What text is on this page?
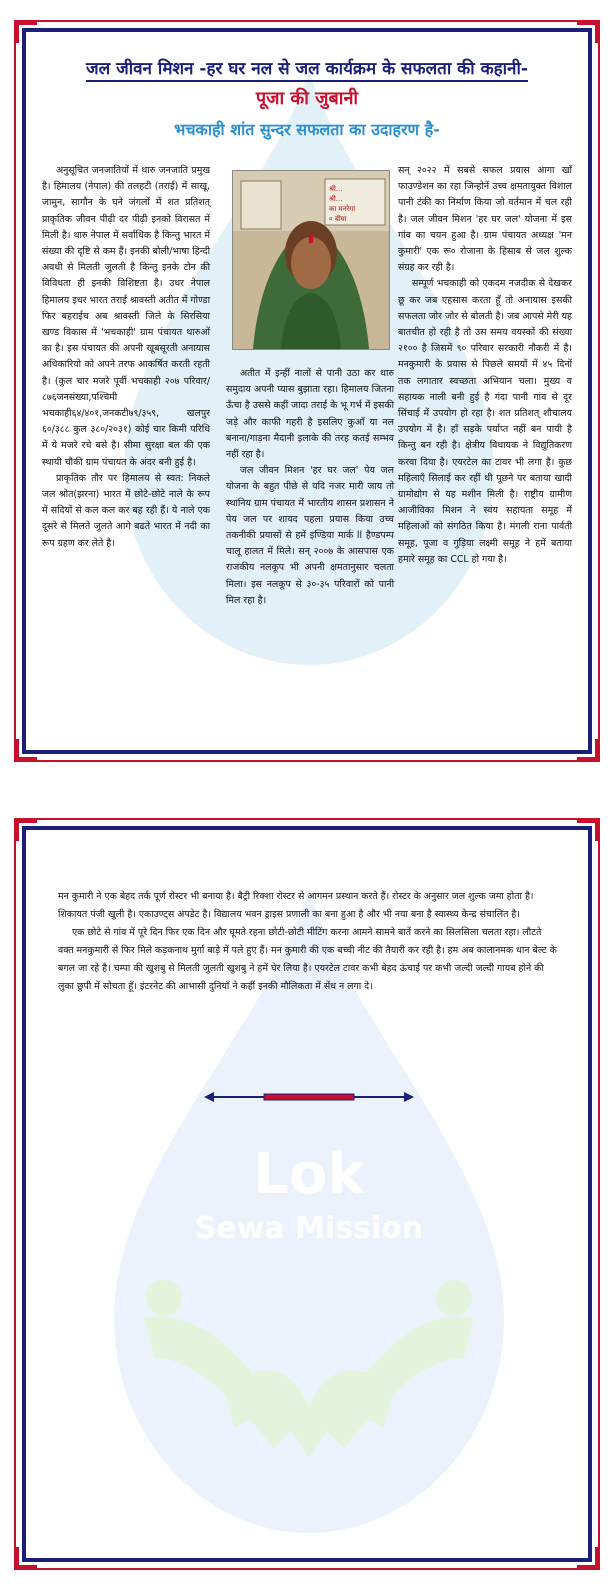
जल जीवन मिशन -हर घर नल से जल कार्यक्रम के सफलता की कहानी-
पूजा की जुबानी
भचकाही शांत सुन्दर सफलता का उदाहरण है-

अनुसूचित जनजातियों में थारु जनजाति प्रमुख है। हिमालय (नेपाल) की तलहटी (तराई) में साखू, जामुन, सागौन के घने जंगलों में शत प्रतिशत् प्राकृतिक जीवन पीढ़ी दर पीढ़ी इनको विरासत में मिली है। थारु नेपाल में सर्वाधिक है किन्तु भारत में संख्या की दृष्टि से कम हैं। इनकी बोली/भाषा हिन्दी अवधी से मिलती जुलती है किन्तु इनके टोन की विविधता ही इनकी विशिष्टता है। उधर नेपाल हिमालय इधर भारत तराई श्रावस्ती अतीत में गोण्डा फिर बहराईच अब श्रावस्ती जिले के सिरसिया खण्ड विकास में 'भचकाही' ग्राम पंचायत थारुओं का है। इस पंचायत की अपनी खूबसूरती अनायास अधिकारियो को अपने तरफ आकर्षित करती रहती है। (कुल चार मजरे पूर्वी भचकाही २०७ परिवार/८७६जनसंख्या,पश्चिमी भचकाही६४/४०१,जनकटी७९/३५९, खलपुर ६०/३८८ कुल ३८०/२०३१) कोई चार किमी परिधि में ये मजरे रचे बसे है। सीमा सुरक्षा बल की एक स्थायी चौकी ग्राम पंचायत के अंदर बनी हुई है।

प्राकृतिक तौर पर हिमालय से स्वत: निकले जल श्रोत(झरना) भारत में छोटे-छोटे नाले के रूप में सदियों से कल कल कर बह रही हैं। ये नाले एक दूसरे से मिलते जुलते आगे बढते भारत में नदी का रूप ग्रहण कर लेते है।

श्री...
श्री...
का मनरेगा
० बीघा

अतीत में इन्हीं नालों से पानी उठा कर थारु समुदाय अपनी प्यास बुझाता रहा। हिमालय जितना ऊँचा है उससे कहीं जादा तराई के भू गर्भ में इसकी जड़े और काफी गहरी है इसलिए कुआँ या नल बनाना/गाड़ना मैदानी इलाके की तरह कतई सम्भव नहीं रहा है।

जल जीवन मिशन 'हर घर जल' पेय जल योजना के बहुत पीछे से यदि नजर मारी जाय तो स्थानिय ग्राम पंचायत में भारतीय शासन प्रशासन ने पेय जल पर शायद पहला प्रयास किया उच्च तकनीकी प्रयासों से हमें इण्डिया मार्क ll हैण्डपम्प चालू हालत में मिले। सन् २००७ के आसपास एक राजकीय नलकूप भी अपनी क्षमतानुसार चलता मिला। इस नलकूप से ३०-३५ परिवारों को पानी मिल रहा है।

सन् २०२२ में सबसे सफल प्रयास आगा खाँ फाउण्डेशन का रहा जिन्होनें उच्च क्षमतायुक्त विशाल पानी टंकी का निर्माण किया जो वर्तमान में चल रही है। जल जीवन मिशन 'हर घर जल' योजना में इस गांव का चयन हुआ है। ग्राम पंचायत अध्यक्ष 'मन कुमारी' एक रू० रोजाना के हिसाब से जल शुल्क संग्रह कर रही है।

सम्पूर्ण भचकाही को एकदम नजदीक से देखकर छू कर जब एहसास करता हूँ तो अनायास इसकी सफलता जोर जोर से बोलती है। जब आपसे मेरी यह बातचीत हो रही है तो उस समय वयस्कों की संख्या २१०० है जिसमें ९० परिवार सरकारी नौकरी में है। मनकुमारी के प्रयास से पिछले समयों में ४५ दिनों तक लगातार स्वच्छता अभियान चला। मुख्य व सहायक नाली बनी हुई है गंदा पानी गांव से दूर सिंचाई में उपयोग हो रहा है। शत प्रतिशत् शौचालय उपयोग में है। हाँ सड़के पर्याप्त नहीं बन पायी है किन्तु बन रही है। क्षेत्रीय विधायक ने विद्युतिकरण करवा दिया है। एयरटेल का टावर भी लगा है। कुछ महिलाएँ सिलाई कर रहीं थी पूछने पर बताया खादी ग्रामोद्योग से यह मशीन मिली है। राष्ट्रीय ग्रामीण आजीविका मिशन ने स्वंय सहायता समूह में महिलाओं को संगठित किया है। मंगली राना पार्वती समूह, पूजा व गुड़िया लक्ष्मी समूह ने हमें बताया हमारे समूह का CCL हो गया है।

Lok
Sewa Mission

मन कुमारी ने एक बेहद तर्क पूर्ण रोस्टर भी बनाया है। बैट्री रिक्शा रोस्टर से आगमन प्रस्थान करते हैं। रोस्टर के अनुसार जल शुल्क जमा होता है। शिकायत पंजी खुली है। एकाउण्ट्स अपडेट है। विद्यालय भवन ड्राइस प्रणाली का बना हुआ है और भी नया बना है स्वास्थ्य केन्द्र संचालित है।

एक छोटे से गांव में पूरे दिन फिर एक दिन और घूमते रहना छोटी-छोटी मीटिंग करना आमने सामने बातें करने का सिलसिला चलता रहा। लौटते वक्त मनकुमारी से फिर मिले कड़कनाथ मुर्गा बाड़े में पले हुए हैं। मन कुमारी की एक बच्ची नीट की तैयारी कर रही है। हम अब कालानमक धान बेल्ट के बगल जा रहे है। चम्पा की खुशबु से मिलती जुलती खुशबु ने हमें घेर लिया है। एयरटेल टावर कभी बेहद ऊंचाई पर कभी जल्दी जल्दी गायब होने की लुका छुपी में सोचता हूँ। इंटरनेट की आभासी दुनियाँ ने कहीं इनकी मौलिकता में सेंध न लगा दे।
